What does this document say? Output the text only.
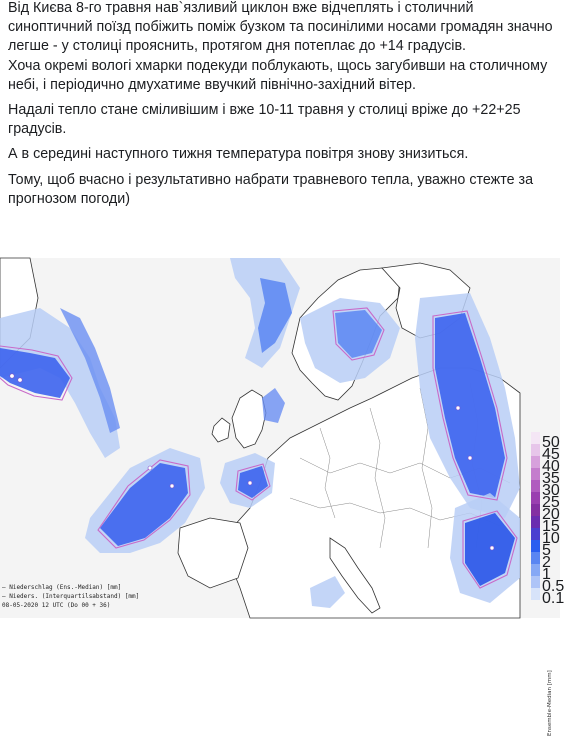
Від Києва 8-го травня нав`язливий циклон вже відчеплять і столичний синоптичний поїзд побіжить поміж бузком та посинілими носами громадян значно легше - у столиці прояснить, протягом дня потеплає до +14 градусів.
Хоча окремі вологі хмарки подекуди поблукають, щось загубивши на столичному небі, і періодично дмухатиме ввучкий північно-західний вітер.

Надалі тепло стане сміливішим і вже 10-11 травня у столиці вріже до +22+25 градусів.

А в середині наступного тижня температура повітря знову знизиться.

Тому, щоб вчасно і результативно набрати травневого тепла, уважно стежте за прогнозом погоди)

Ensemble-Median [mm]
50
45
40
35
30
25
20
15
10
5
2
1
0.5
0.1
— Niederschlag (Ens.-Median) [mm]
— Nieders. (Interquartilsabstand) [mm]
08-05-2020 12 UTC (Do 00 + 36)
